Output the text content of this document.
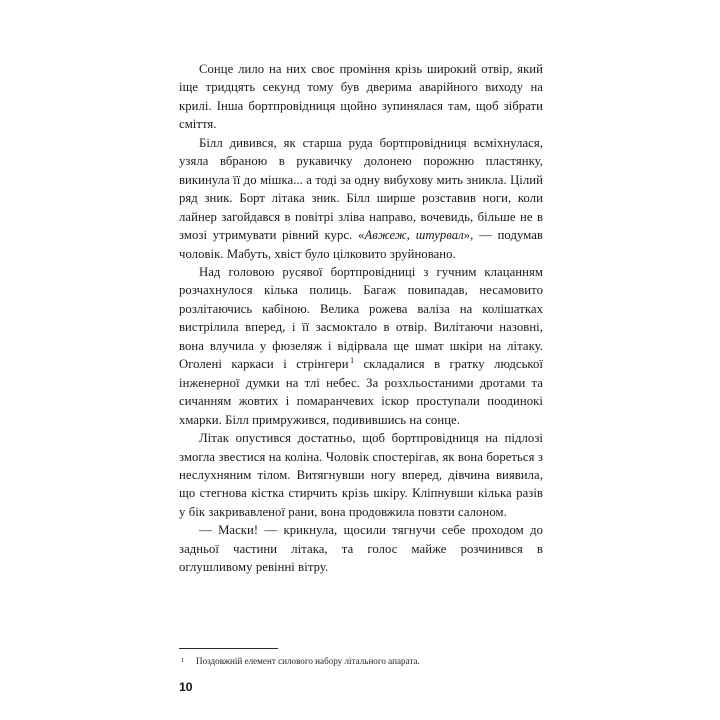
Сонце лило на них своє проміння крізь широкий отвір, який іще тридцять секунд тому був дверима аварійного виходу на крилі. Інша бортпровідниця щойно зупинялася там, щоб зібрати сміття.

Білл дивився, як старша руда бортпровідниця всміхнулася, узяла вбраною в рукавичку долонею порожню пластянку, викинула її до мішка... а тоді за одну вибухову мить зникла. Цілий ряд зник. Борт літака зник. Білл ширше розставив ноги, коли лайнер загойдався в повітрі зліва направо, вочевидь, більше не в змозі утримувати рівний курс. «Авжеж, штурвал», — подумав чоловік. Мабуть, хвіст було цілковито зруйновано.

Над головою русявої бортпровідниці з гучним клацанням розчахнулося кілька полиць. Багаж повипадав, несамовито розлітаючись кабіною. Велика рожева валіза на колішатках вистрілила вперед, і її засмоктало в отвір. Вилітаючи назовні, вона влучила у фюзеляж і відірвала ще шмат шкіри на літаку. Оголені каркаси і стрінгери $^1$ складалися в гратку людської інженерної думки на тлі небес. За розхльостаними дротами та сичанням жовтих і помаранчевих іскор проступали поодинокі хмарки. Білл примружився, подивившись на сонце.

Літак опустився достатньо, щоб бортпровідниця на підлозі змогла звестися на коліна. Чоловік спостерігав, як вона бореться з неслухняним тілом. Витягнувши ногу вперед, дівчина виявила, що стегнова кістка стирчить крізь шкіру. Кліпнувши кілька разів у бік закривавленої рани, вона продовжила повзти салоном.

— Маски! — крикнула, щосили тягнучи себе проходом до задньої частини літака, та голос майже розчинився в оглушливому ревінні вітру.

1	Поздовжній елемент силового набору літального апарата.
10
